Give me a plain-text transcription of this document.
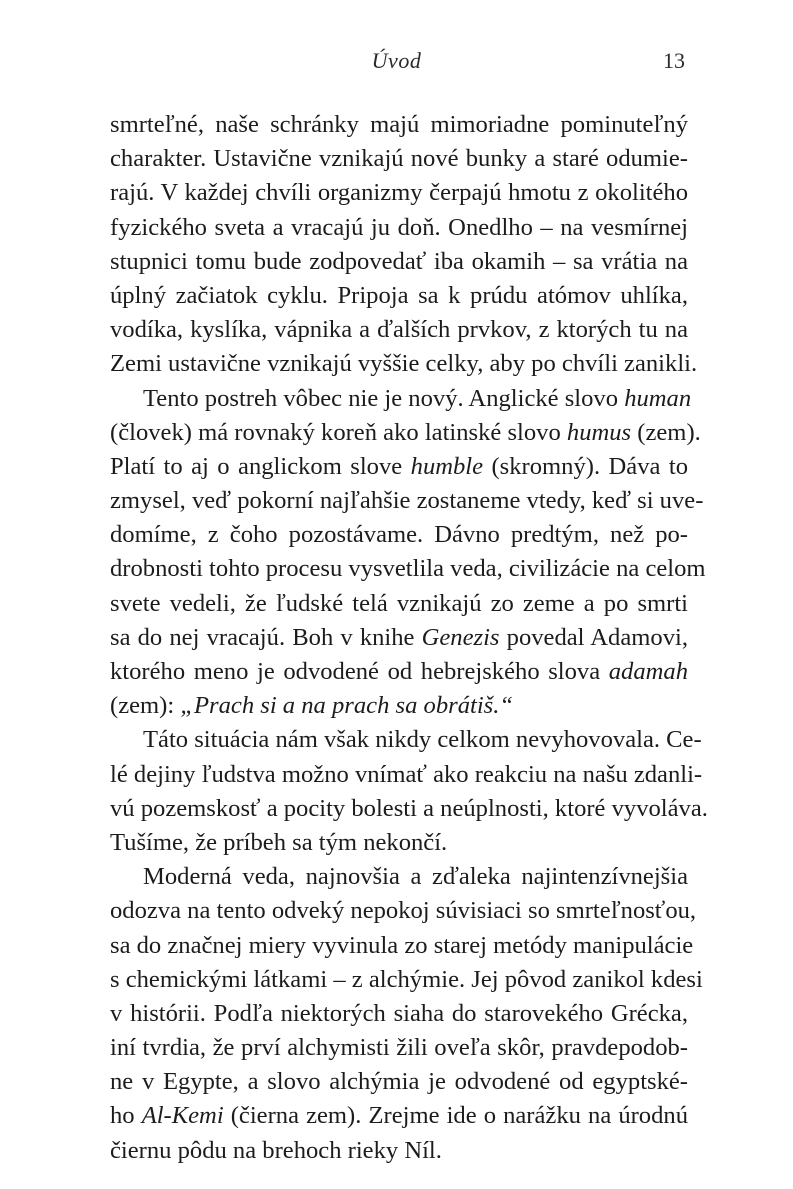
Úvod	13
smrteľné, naše schránky majú mimoriadne pominuteľný
charakter. Ustavične vznikajú nové bunky a staré odumie-
rajú. V každej chvíli organizmy čerpajú hmotu z okolitého
fyzického sveta a vracajú ju doň. Onedlho – na vesmírnej
stupnici tomu bude zodpovedať iba okamih – sa vrátia na
úplný začiatok cyklu. Pripoja sa k prúdu atómov uhlíka,
vodíka, kyslíka, vápnika a ďalších prvkov, z ktorých tu na
Zemi ustavične vznikajú vyššie celky, aby po chvíli zanikli.
Tento postreh vôbec nie je nový. Anglické slovo human
(človek) má rovnaký koreň ako latinské slovo humus (zem).
Platí to aj o anglickom slove humble (skromný). Dáva to
zmysel, veď pokorní najľahšie zostaneme vtedy, keď si uve-
domíme, z čoho pozostávame. Dávno predtým, než po-
drobnosti tohto procesu vysvetlila veda, civilizácie na celom
svete vedeli, že ľudské telá vznikajú zo zeme a po smrti
sa do nej vracajú. Boh v knihe Genezis povedal Adamovi,
ktorého meno je odvodené od hebrejského slova adamah
(zem): „Prach si a na prach sa obrátiš.“
Táto situácia nám však nikdy celkom nevyhovovala. Ce-
lé dejiny ľudstva možno vnímať ako reakciu na našu zdanli-
vú pozemskosť a pocity bolesti a neúplnosti, ktoré vyvoláva.
Tušíme, že príbeh sa tým nekončí.
Moderná veda, najnovšia a zďaleka najintenzívnejšia
odozva na tento odveký nepokoj súvisiaci so smrteľnosťou,
sa do značnej miery vyvinula zo starej metódy manipulácie
s chemickými látkami – z alchýmie. Jej pôvod zanikol kdesi
v histórii. Podľa niektorých siaha do starovekého Grécka,
iní tvrdia, že prví alchymisti žili oveľa skôr, pravdepodob-
ne v Egypte, a slovo alchýmia je odvodené od egyptské-
ho Al-Kemi (čierna zem). Zrejme ide o narážku na úrodnú
čiernu pôdu na brehoch rieky Níl.
